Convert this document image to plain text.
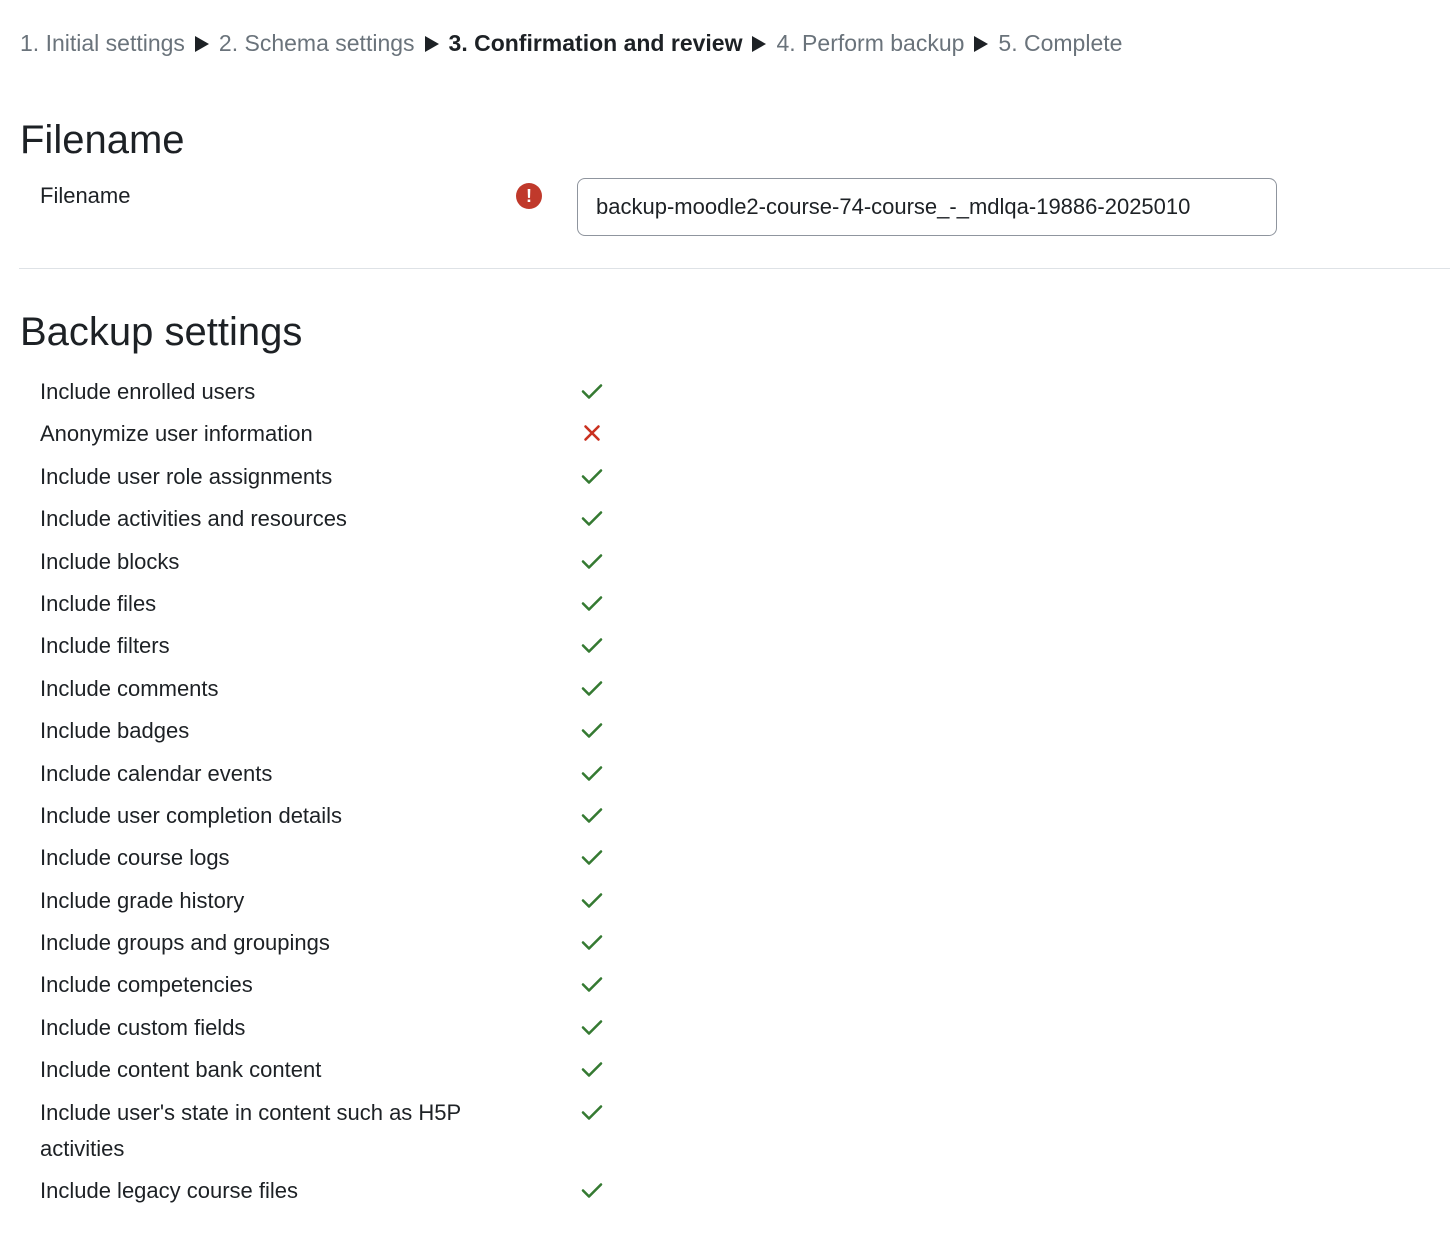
1. Initial settings 2. Schema settings 3. Confirmation and review 4. Perform backup 5. Complete
Filename
Filename	!
backup-moodle2-course-74-course_-_mdlqa-19886-2025010
Backup settings
Include enrolled users
Anonymize user information
Include user role assignments
Include activities and resources
Include blocks
Include files
Include filters
Include comments
Include badges
Include calendar events
Include user completion details
Include course logs
Include grade history
Include groups and groupings
Include competencies
Include custom fields
Include content bank content
Include user's state in content such as H5P activities
Include legacy course files
